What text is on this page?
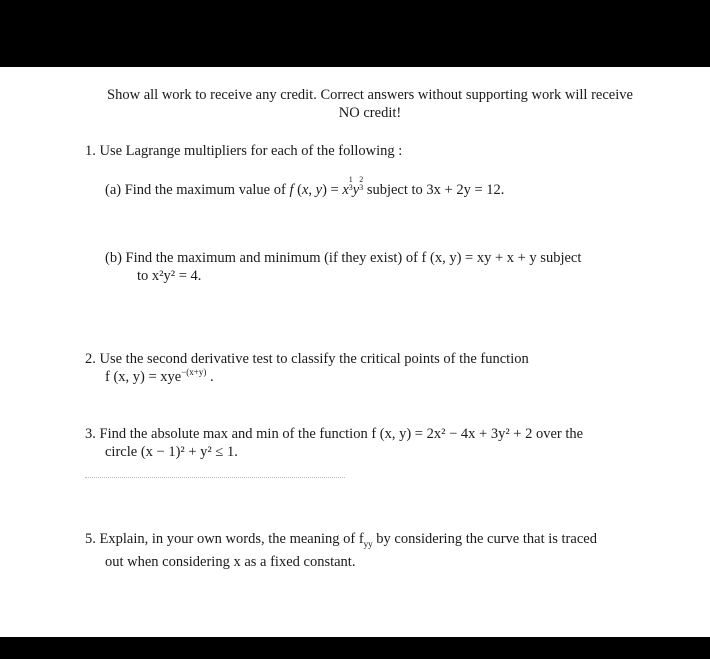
Show all work to receive any credit. Correct answers without supporting work will receive
NO credit!
1. Use Lagrange multipliers for each of the following :
(a) Find the maximum value of f (x, y) = x1
3y2
3 subject to 3x + 2y = 12.
(b) Find the maximum and minimum (if they exist) of f (x, y) = xy + x + y subject
to x²y² = 4.
2. Use the second derivative test to classify the critical points of the function
f (x, y) = xye$^{-(x+y)}$ .
3. Find the absolute max and min of the function f (x, y) = 2x² − 4x + 3y² + 2 over the
circle (x − 1)² + y² ≤ 1.
5. Explain, in your own words, the meaning of $f_{yy}$ by considering the curve that is traced
out when considering x as a fixed constant.
